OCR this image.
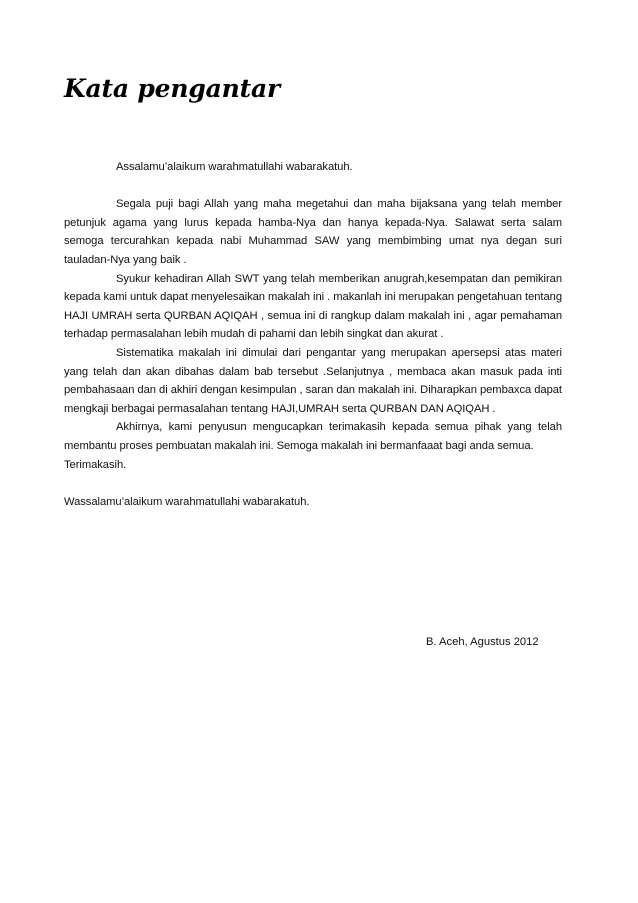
Kata pengantar

Assalamu’alaikum warahmatullahi wabarakatuh.

Segala puji bagi Allah yang maha megetahui dan maha bijaksana yang telah member petunjuk agama yang lurus kepada hamba-Nya dan hanya kepada-Nya. Salawat serta salam semoga tercurahkan kepada nabi Muhammad SAW yang membimbing umat nya degan suri tauladan-Nya yang baik .

Syukur kehadiran Allah SWT yang telah memberikan anugrah,kesempatan dan pemikiran kepada kami untuk dapat menyelesaikan makalah ini . makanlah ini merupakan pengetahuan tentang HAJI UMRAH serta QURBAN AQIQAH , semua ini di rangkup dalam makalah ini , agar pemahaman terhadap permasalahan lebih mudah di pahami dan lebih singkat dan akurat .

Sistematika makalah ini dimulai dari pengantar yang merupakan apersepsi atas materi yang telah dan akan dibahas dalam bab tersebut .Selanjutnya , membaca akan masuk pada inti pembahasaan dan di akhiri dengan kesimpulan , saran dan makalah ini. Diharapkan pembaxca dapat mengkaji berbagai permasalahan tentang HAJI,UMRAH serta QURBAN DAN AQIQAH .

Akhirnya, kami penyusun mengucapkan terimakasih kepada semua pihak yang telah membantu proses pembuatan makalah ini. Semoga makalah ini bermanfaaat bagi anda semua.

Terimakasih.

Wassalamu’alaikum warahmatullahi wabarakatuh.

B. Aceh, Agustus 2012
